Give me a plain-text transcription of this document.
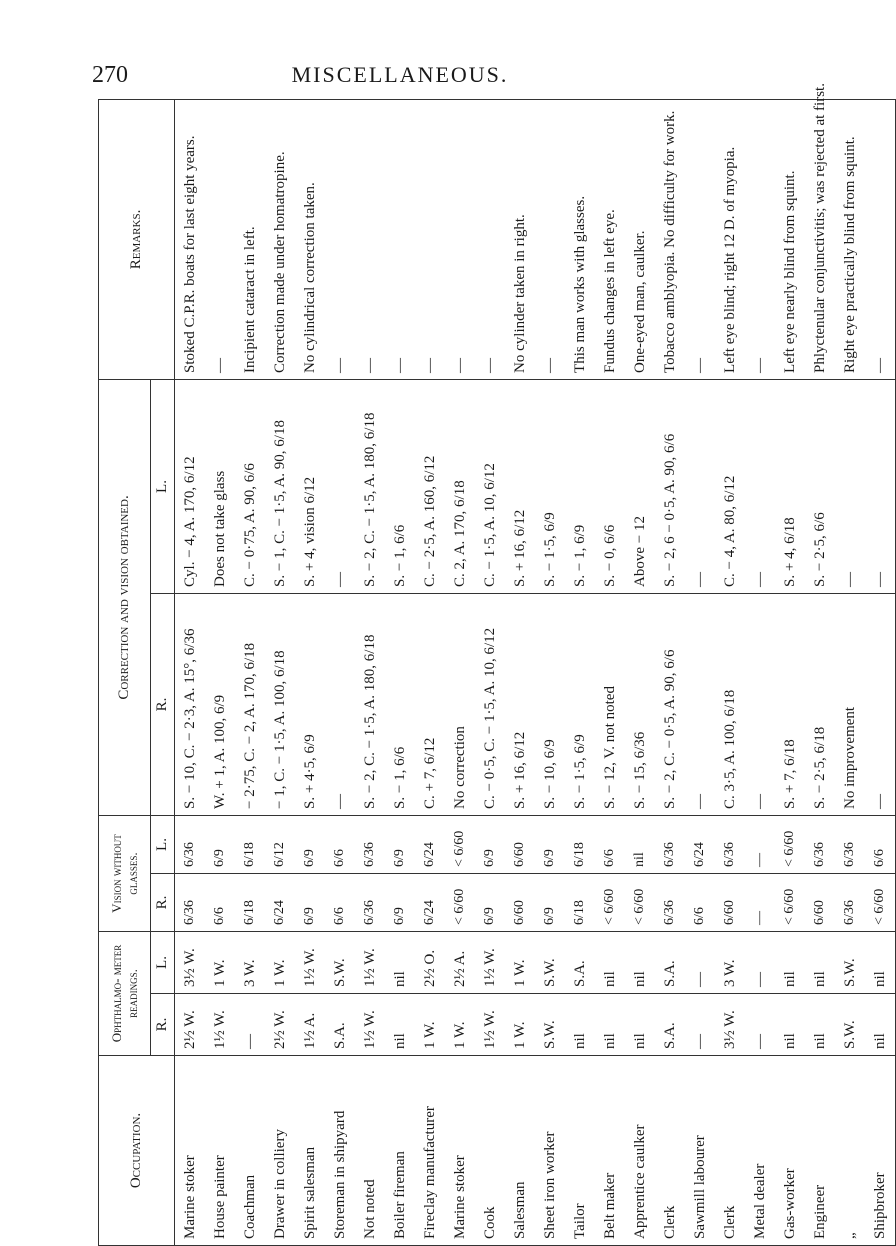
270	MISCELLANEOUS.
Occupation.	Ophthalmo- meter readings.		Vision without glasses.		Correction and vision obtained.		Remarks.
	R.	L.	R.	L.	R.	L.	
Marine stoker	2½ W.	3½ W.	6/36	6/36	S. − 10, C. − 2·3, A. 15°, 6/36	Cyl. − 4, A. 170, 6/12	Stoked C.P.R. boats for last eight years.
House painter	1½ W.	1 W.	6/6	6/9	W. + 1, A. 100, 6/9	Does not take glass	—
Coachman	—	3 W.	6/18	6/18	− 2·75, C. − 2, A. 170, 6/18	C. − 0·75, A. 90, 6/6	Incipient cataract in left.
Drawer in colliery	2½ W.	1 W.	6/24	6/12	− 1, C. − 1·5, A. 100, 6/18	S. − 1, C. − 1·5, A. 90, 6/18	Correction made under homatropine.
Spirit salesman	1½ A.	1½ W.	6/9	6/9	S. + 4·5, 6/9	S. + 4, vision 6/12	No cylindrical correction taken.
Storeman in shipyard	S.A.	S.W.	6/6	6/6	—	—	—
Not noted	1½ W.	1½ W.	6/36	6/36	S. − 2, C. − 1·5, A. 180, 6/18	S. − 2, C. − 1·5, A. 180, 6/18	—
Boiler fireman	nil	nil	6/9	6/9	S. − 1, 6/6	S. − 1, 6/6	—
Fireclay manufacturer	1 W.	2½ O.	6/24	6/24	C. + 7, 6/12	C. − 2·5, A. 160, 6/12	—
Marine stoker	1 W.	2½ A.	< 6/60	< 6/60	No correction	C. 2, A. 170, 6/18	—
Cook	1½ W.	1½ W.	6/9	6/9	C. − 0·5, C. − 1·5, A. 10, 6/12	C. − 1·5, A. 10, 6/12	—
Salesman	1 W.	1 W.	6/60	6/60	S. + 16, 6/12	S. + 16, 6/12	No cylinder taken in right.
Sheet iron worker	S.W.	S.W.	6/9	6/9	S. − 10, 6/9	S. − 1·5, 6/9	—
Tailor	nil	S.A.	6/18	6/18	S. − 1·5, 6/9	S. − 1, 6/9	This man works with glasses.
Belt maker	nil	nil	< 6/60	6/6	S. − 12, V. not noted	S. − 0, 6/6	Fundus changes in left eye.
Apprentice caulker	nil	nil	< 6/60	nil	S. − 15, 6/36	Above − 12	One-eyed man, caulker.
Clerk	S.A.	S.A.	6/36	6/36	S. − 2, C. − 0·5, A. 90, 6/6	S. − 2, 6 − 0·5, A. 90, 6/6	Tobacco amblyopia. No difficulty for work.
Sawmill labourer	—	—	6/6	6/24	—	—	—
Clerk	3½ W.	3 W.	6/60	6/36	C. 3·5, A. 100, 6/18	C. − 4, A. 80, 6/12	Left eye blind; right 12 D. of myopia.
Metal dealer	—	—	—	—	—	—	—
Gas-worker	nil	nil	< 6/60	< 6/60	S. + 7, 6/18	S. + 4, 6/18	Left eye nearly blind from squint.
Engineer	nil	nil	6/60	6/36	S. − 2·5, 6/18	S. − 2·5, 6/6	Phlyctenular conjunctivitis; was rejected at first.
„	S.W.	S.W.	6/36	6/36	No improvement	—	Right eye practically blind from squint.
Shipbroker	nil	nil	< 6/60	6/6	—	—	—
